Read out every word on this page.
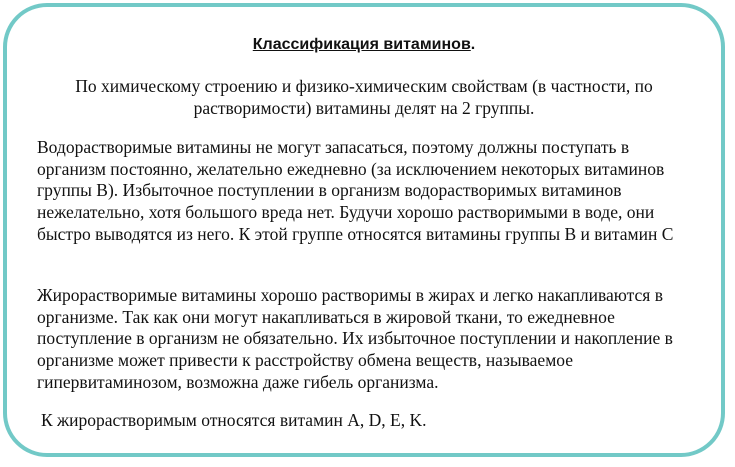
Классификация витаминов.
По химическому строению и физико-химическим свойствам (в частности, по растворимости) витамины делят на 2 группы.
Водорастворимые витамины не могут запасаться, поэтому должны поступать в организм постоянно, желательно ежедневно (за исключением некоторых витаминов группы В). Избыточное поступлении в организм водорастворимых витаминов нежелательно, хотя большого вреда нет. Будучи хорошо растворимыми в воде, они быстро выводятся из него. К этой группе относятся витамины группы В и витамин С
Жирорастворимые витамины хорошо растворимы в жирах и легко накапливаются в организме. Так как они могут накапливаться в жировой ткани, то ежедневное поступление в организм не обязательно. Их избыточное поступлении и накопление в организме может привести к расстройству обмена веществ, называемое гипервитаминозом, возможна даже гибель организма.
К жирорастворимым относятся витамин А, D, E, K.
